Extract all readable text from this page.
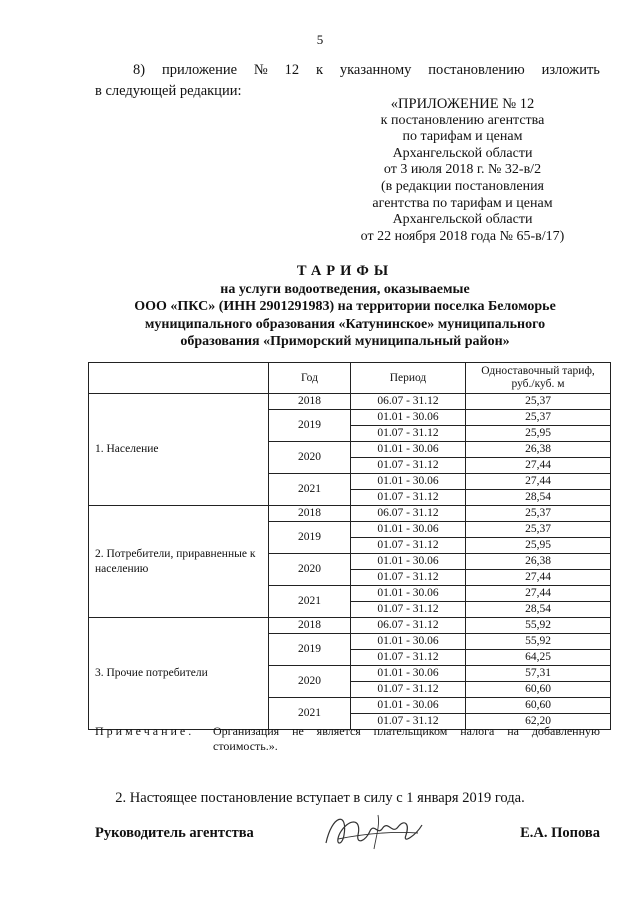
5
8) приложение № 12 к указанному постановлению изложить
в следующей редакции:
«ПРИЛОЖЕНИЕ № 12
к постановлению агентства
по тарифам и ценам
Архангельской области
от 3 июля 2018 г. № 32-в/2
(в редакции постановления
агентства по тарифам и ценам
Архангельской области
от 22 ноября 2018 года № 65-в/17)
ТАРИФЫ
на услуги водоотведения, оказываемые
ООО «ПКС» (ИНН 2901291983) на территории поселка Беломорье
муниципального образования «Катунинское» муниципального
образования «Приморский муниципальный район»
	Год	Период	Одноставочный тариф, руб./куб. м
1. Население	2018	06.07 - 31.12	25,37
	2019	01.01 - 30.06	25,37
		01.07 - 31.12	25,95
	2020	01.01 - 30.06	26,38
		01.07 - 31.12	27,44
	2021	01.01 - 30.06	27,44
		01.07 - 31.12	28,54
2. Потребители, приравненные к населению	2018	06.07 - 31.12	25,37
	2019	01.01 - 30.06	25,37
		01.07 - 31.12	25,95
	2020	01.01 - 30.06	26,38
		01.07 - 31.12	27,44
	2021	01.01 - 30.06	27,44
		01.07 - 31.12	28,54
3. Прочие потребители	2018	06.07 - 31.12	55,92
	2019	01.01 - 30.06	55,92
		01.07 - 31.12	64,25
	2020	01.01 - 30.06	57,31
		01.07 - 31.12	60,60
	2021	01.01 - 30.06	60,60
		01.07 - 31.12	62,20
Примечание. Организация не является плательщиком налога на добавленную стоимость.».
2. Настоящее постановление вступает в силу с 1 января 2019 года.
Руководитель агентства	Е.А. Попова
